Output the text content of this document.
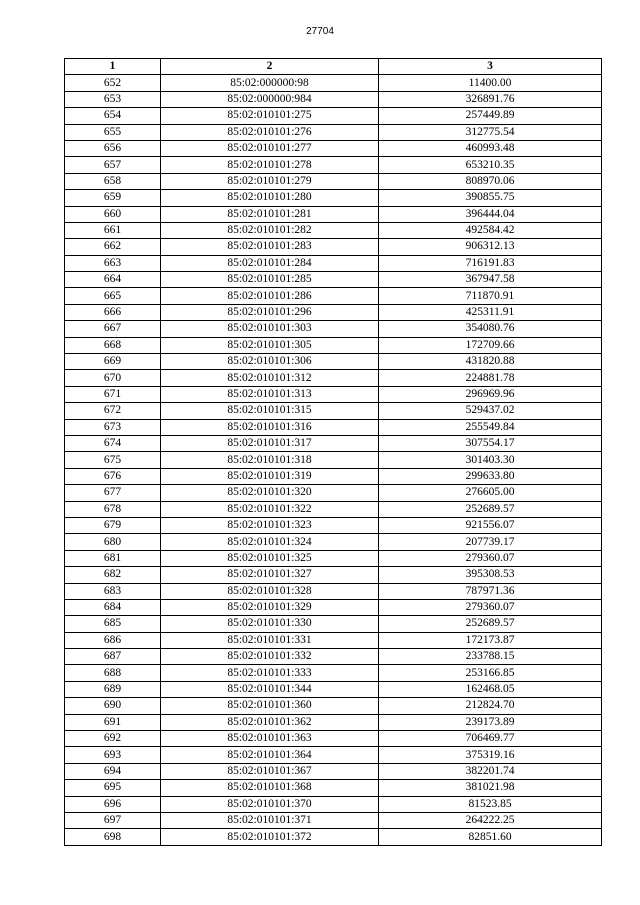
27704
1	2	3
652	85:02:000000:98	11400.00
653	85:02:000000:984	326891.76
654	85:02:010101:275	257449.89
655	85:02:010101:276	312775.54
656	85:02:010101:277	460993.48
657	85:02:010101:278	653210.35
658	85:02:010101:279	808970.06
659	85:02:010101:280	390855.75
660	85:02:010101:281	396444.04
661	85:02:010101:282	492584.42
662	85:02:010101:283	906312.13
663	85:02:010101:284	716191.83
664	85:02:010101:285	367947.58
665	85:02:010101:286	711870.91
666	85:02:010101:296	425311.91
667	85:02:010101:303	354080.76
668	85:02:010101:305	172709.66
669	85:02:010101:306	431820.88
670	85:02:010101:312	224881.78
671	85:02:010101:313	296969.96
672	85:02:010101:315	529437.02
673	85:02:010101:316	255549.84
674	85:02:010101:317	307554.17
675	85:02:010101:318	301403.30
676	85:02:010101:319	299633.80
677	85:02:010101:320	276605.00
678	85:02:010101:322	252689.57
679	85:02:010101:323	921556.07
680	85:02:010101:324	207739.17
681	85:02:010101:325	279360.07
682	85:02:010101:327	395308.53
683	85:02:010101:328	787971.36
684	85:02:010101:329	279360.07
685	85:02:010101:330	252689.57
686	85:02:010101:331	172173.87
687	85:02:010101:332	233788.15
688	85:02:010101:333	253166.85
689	85:02:010101:344	162468.05
690	85:02:010101:360	212824.70
691	85:02:010101:362	239173.89
692	85:02:010101:363	706469.77
693	85:02:010101:364	375319.16
694	85:02:010101:367	382201.74
695	85:02:010101:368	381021.98
696	85:02:010101:370	81523.85
697	85:02:010101:371	264222.25
698	85:02:010101:372	82851.60
